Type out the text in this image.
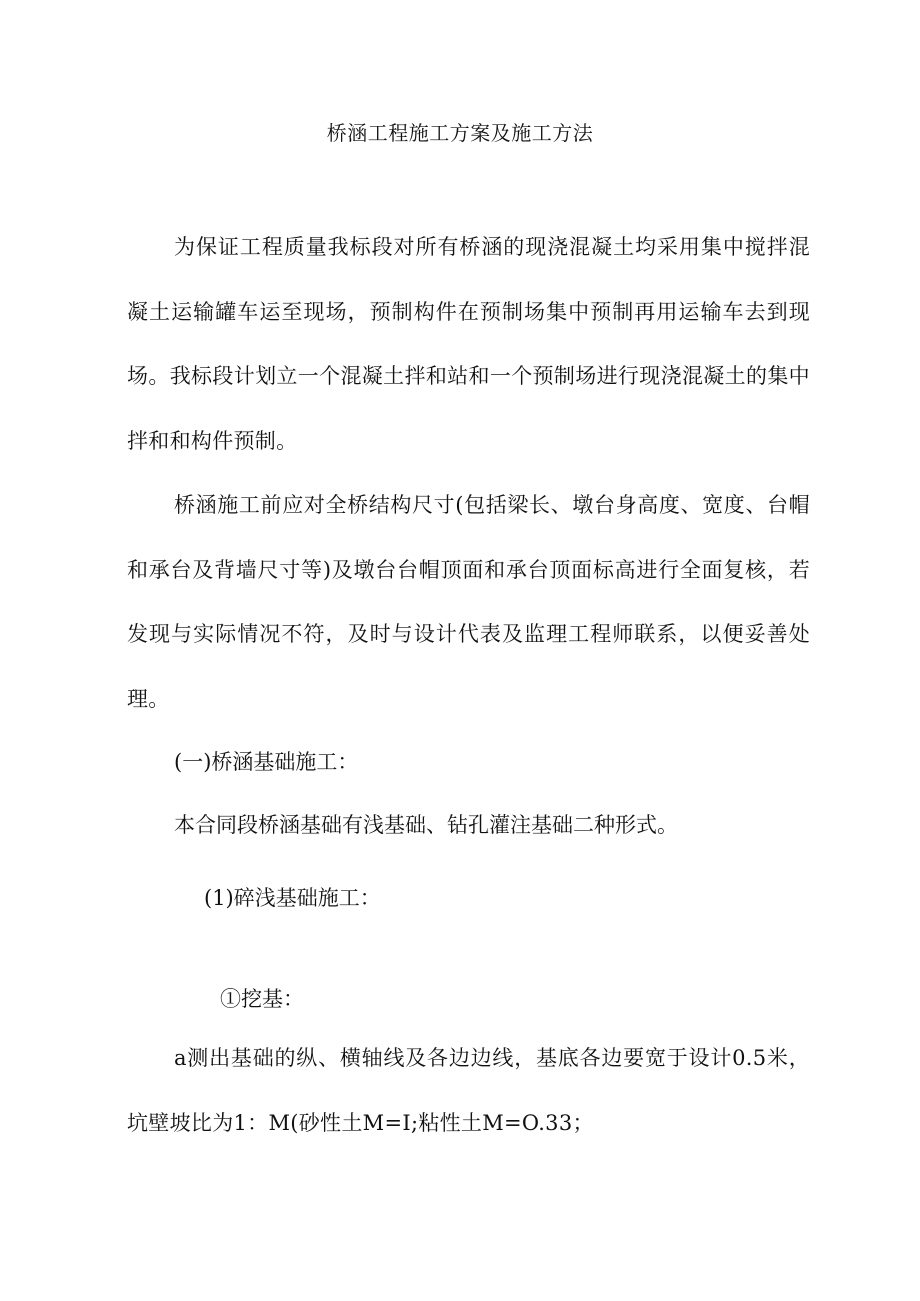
桥涵工程施工方案及施工方法

为保证工程质量我标段对所有桥涵的现浇混凝土均采用集中搅拌混凝土运输罐车运至现场，预制构件在预制场集中预制再用运输车去到现场。我标段计划立一个混凝土拌和站和一个预制场进行现浇混凝土的集中拌和和构件预制。

桥涵施工前应对全桥结构尺寸(包括梁长、墩台身高度、宽度、台帽和承台及背墙尺寸等)及墩台台帽顶面和承台顶面标高进行全面复核，若发现与实际情况不符，及时与设计代表及监理工程师联系，以便妥善处理。

(一)桥涵基础施工：
本合同段桥涵基础有浅基础、钻孔灌注基础二种形式。
(1)碎浅基础施工：
①挖基：

a测出基础的纵、横轴线及各边边线，基底各边要宽于设计0.5米，坑壁坡比为1：M(砂性土M=I;粘性土M=O.33；
